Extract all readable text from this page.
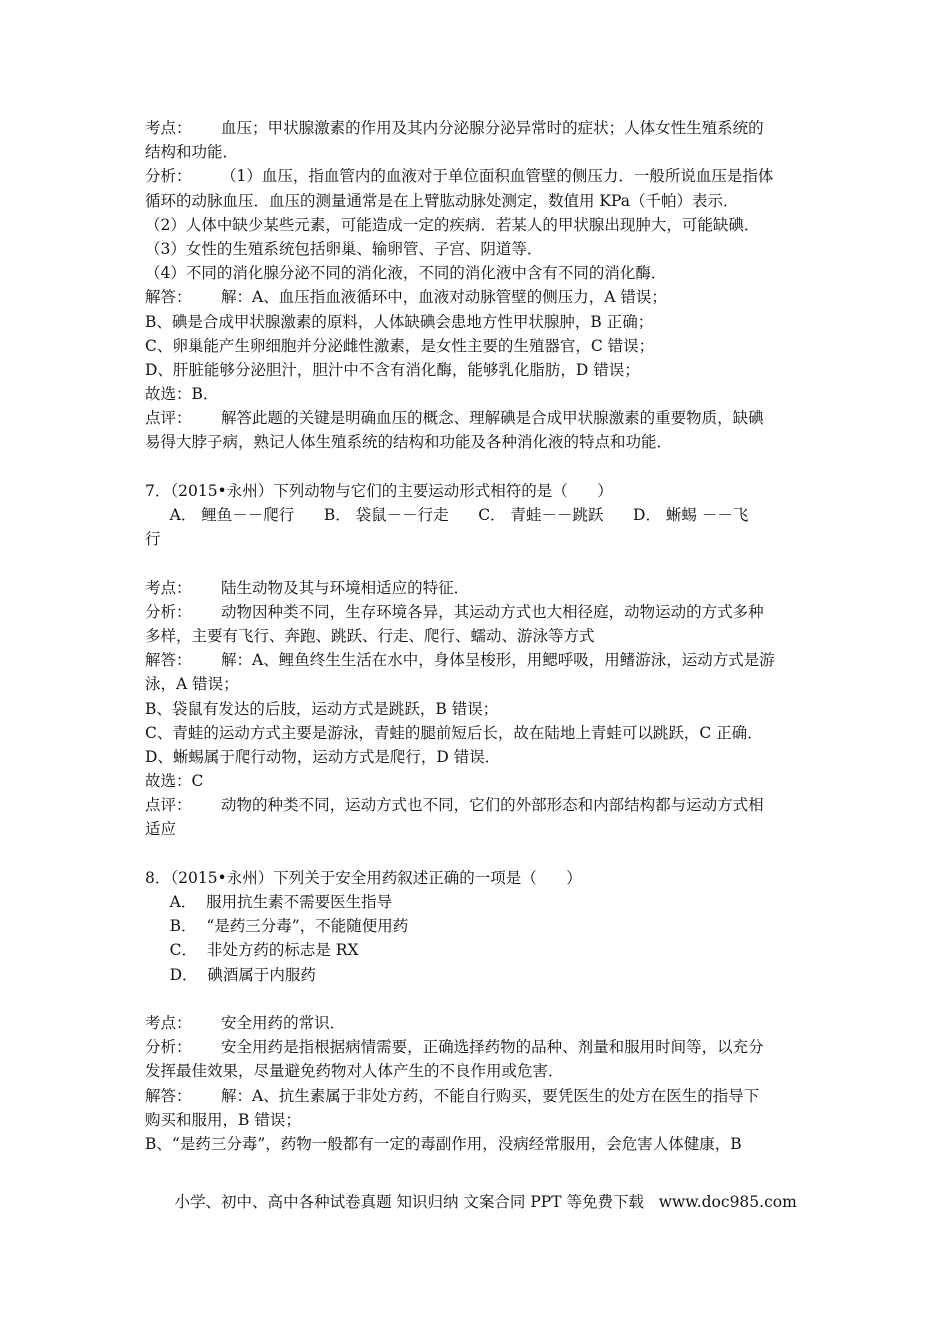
考点：      血压；甲状腺激素的作用及其内分泌腺分泌异常时的症状；人体女性生殖系统的
结构和功能．
分析：      （1）血压，指血管内的血液对于单位面积血管壁的侧压力．一般所说血压是指体
循环的动脉血压．血压的测量通常是在上臂肱动脉处测定，数值用 KPa（千帕）表示．
（2）人体中缺少某些元素，可能造成一定的疾病．若某人的甲状腺出现肿大，可能缺碘．
（3）女性的生殖系统包括卵巢、输卵管、子宫、阴道等．
（4）不同的消化腺分泌不同的消化液，不同的消化液中含有不同的消化酶．
解答：      解：A、血压指血液循环中，血液对动脉管壁的侧压力，A 错误；
B、碘是合成甲状腺激素的原料，人体缺碘会患地方性甲状腺肿，B 正确；
C、卵巢能产生卵细胞并分泌雌性激素，是女性主要的生殖器官，C 错误；
D、肝脏能够分泌胆汁，胆汁中不含有消化酶，能够乳化脂肪，D 错误；
故选：B．
点评：      解答此题的关键是明确血压的概念、理解碘是合成甲状腺激素的重要物质，缺碘
易得大脖子病，熟记人体生殖系统的结构和功能及各种消化液的特点和功能．
7．（2015•永州）下列动物与它们的主要运动形式相符的是（      ）
A． 鲤鱼－－爬行      B． 袋鼠－－行走      C． 青蛙－－跳跃      D． 蜥蜴 －－飞
行
考点：      陆生动物及其与环境相适应的特征．
分析：      动物因种类不同，生存环境各异，其运动方式也大相径庭，动物运动的方式多种
多样，主要有飞行、奔跑、跳跃、行走、爬行、蠕动、游泳等方式
解答：      解：A、鲤鱼终生生活在水中，身体呈梭形，用鳃呼吸，用鳍游泳，运动方式是游
泳，A 错误；
B、袋鼠有发达的后肢，运动方式是跳跃，B 错误；
C、青蛙的运动方式主要是游泳，青蛙的腿前短后长，故在陆地上青蛙可以跳跃，C 正确．
D、蜥蜴属于爬行动物，运动方式是爬行，D 错误．
故选：C
点评：      动物的种类不同，运动方式也不同，它们的外部形态和内部结构都与运动方式相
适应
8．（2015•永州）下列关于安全用药叙述正确的一项是（      ）
A．  服用抗生素不需要医生指导
B．  “是药三分毒”，不能随便用药
C．  非处方药的标志是 RX
D．  碘酒属于内服药
考点：      安全用药的常识．
分析：      安全用药是指根据病情需要，正确选择药物的品种、剂量和服用时间等，以充分
发挥最佳效果，尽量避免药物对人体产生的不良作用或危害．
解答：      解：A、抗生素属于非处方药，不能自行购买，要凭医生的处方在医生的指导下
购买和服用，B 错误；
B、“是药三分毒”，药物一般都有一定的毒副作用，没病经常服用，会危害人体健康，B
小学、初中、高中各种试卷真题 知识归纳 文案合同 PPT 等免费下载   www.doc985.com
